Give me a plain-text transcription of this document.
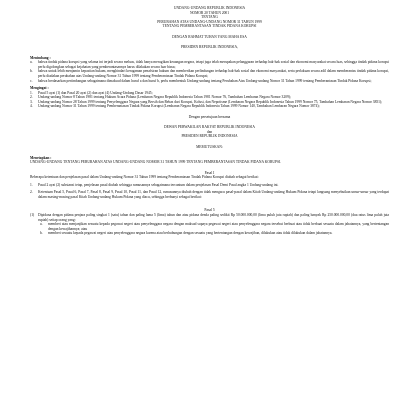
UNDANG-UNDANG REPUBLIK INDONESIA
NOMOR 20 TAHUN 2001
TENTANG
PERUBAHAN ATAS UNDANG-UNDANG NOMOR 31 TAHUN 1999
TENTANG PEMBERANTASAN TINDAK PIDANA KORUPSI
DENGAN RAHMAT TUHAN YANG MAHA ESA
PRESIDEN REPUBLIK INDONESIA,
Menimbang :
a.	bahwa tindak pidana korupsi yang selama ini terjadi secara meluas, tidak hanya merugikan keuangan negara, tetapi juga telah merupakan pelanggaran terhadap hak-hak sosial dan ekonomi masyarakat secara luas, sehingga tindak pidana korupsi perlu digolongkan sebagai kejahatan yang pemberantasannya harus dilakukan secara luar biasa;
b.	bahwa untuk lebih menjamin kepastian hukum, menghindari keragaman penafsiran hukum dan memberikan perlindungan terhadap hak-hak sosial dan ekonomi masyarakat, serta perlakuan secara adil dalam memberantas tindak pidana korupsi, perlu diadakan perubahan atas Undang-undang Nomor 31 Tahun 1999 tentang Pemberantasan Tindak Pidana Korupsi;
c.	bahwa berdasarkan pertimbangan sebagaimana dimaksud dalam huruf a dan huruf b, perlu membentuk Undang-undang tentang Perubahan Atas Undang-undang Nomor 31 Tahun 1999 tentang Pemberantasan Tindak Pidana Korupsi;
Mengingat :
1.	Pasal 5 ayat (1) dan Pasal 20 ayat (2) dan ayat (4) Undang-Undang Dasar 1945;
2.	Undang-undang Nomor 8 Tahun 1981 tentang Hukum Acara Pidana (Lembaran Negara Republik Indonesia Tahun 1981 Nomor 76, Tambahan Lembaran Negara Nomor 3209);
3.	Undang-undang Nomor 28 Tahun 1999 tentang Penyelenggara Negara yang Bersih dan Bebas dari Korupsi, Kolusi, dan Nepotisme (Lembaran Negara Republik Indonesia Tahun 1999 Nomor 75, Tambahan Lembaran Negara Nomor 3851);
4.	Undang-undang Nomor 31 Tahun 1999 tentang Pemberantasan Tindak Pidana Korupsi (Lembaran Negara Republik Indonesia Tahun 1999 Nomor 140, Tambahan Lembaran Negara Nomor 3874);
Dengan persetujuan bersama
DEWAN PERWAKILAN RAKYAT REPUBLIK INDONESIA
dan
PRESIDEN REPUBLIK INDONESIA
MEMUTUSKAN:
Menetapkan :
UNDANG-UNDANG TENTANG PERUBAHAN ATAS UNDANG-UNDANG NOMOR 31 TAHUN 1999 TENTANG PEMBERANTASAN TINDAK PIDANA KORUPSI.
Pasal I
Beberapa ketentuan dan penjelasan pasal dalam Undang-undang Nomor 31 Tahun 1999 tentang Pemberantasan Tindak Pidana Korupsi diubah sebagai berikut:
1.	Pasal 2 ayat (2) substansi tetap, penjelasan pasal diubah sehingga rumusannya sebagaimana tercantum dalam penjelasan Pasal Demi Pasal angka 1 Undang-undang ini.
2.	Ketentuan Pasal 5, Pasal 6, Pasal 7, Pasal 8, Pasal 9, Pasal 10, Pasal 11, dan Pasal 12, rumusannya diubah dengan tidak mengacu pasal-pasal dalam Kitab Undang-undang Hukum Pidana tetapi langsung menyebutkan unsur-unsur yang terdapat dalam masing-masing pasal Kitab Undang-undang Hukum Pidana yang diacu, sehingga berbunyi sebagai berikut:
Pasal 5
(1)	Dipidana dengan pidana penjara paling singkat 1 (satu) tahun dan paling lama 5 (lima) tahun dan atau pidana denda paling sedikit Rp 50.000.000,00 (lima puluh juta rupiah) dan paling banyak Rp 250.000.000,00 (dua ratus lima puluh juta rupiah) setiap orang yang:
a.	memberi atau menjanjikan sesuatu kepada pegawai negeri atau penyelenggara negara dengan maksud supaya pegawai negeri atau penyelenggara negara tersebut berbuat atau tidak berbuat sesuatu dalam jabatannya, yang bertentangan dengan kewajibannya; atau
b.	memberi sesuatu kepada pegawai negeri atau penyelenggara negara karena atau berhubungan dengan sesuatu yang bertentangan dengan kewajiban, dilakukan atau tidak dilakukan dalam jabatannya.
